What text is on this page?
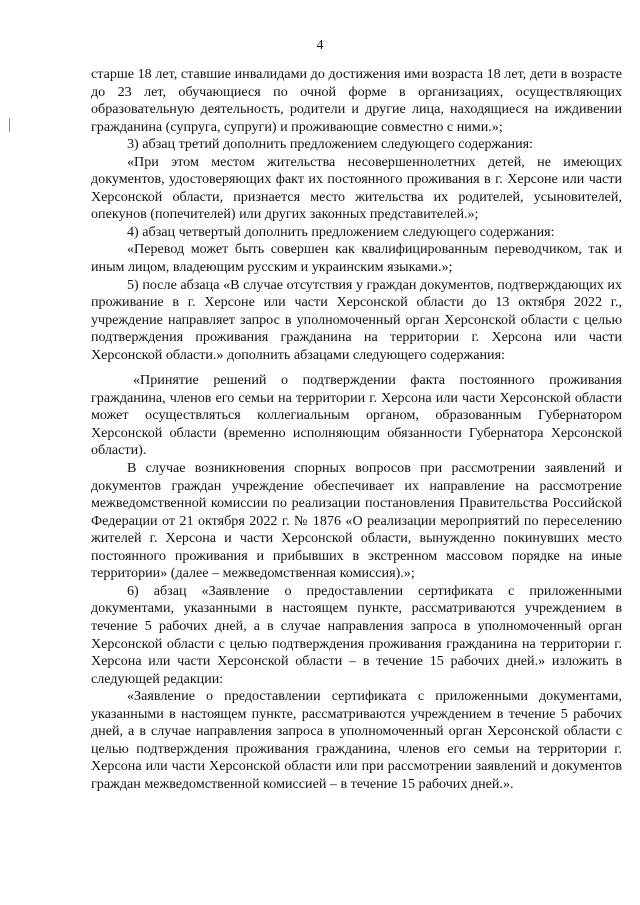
4

старше 18 лет, ставшие инвалидами до достижения ими возраста 18 лет, дети в возрасте до 23 лет, обучающиеся по очной форме в организациях, осуществляющих образовательную деятельность, родители и другие лица, находящиеся на иждивении гражданина (супруга, супруги) и проживающие совместно с ними.»;

3) абзац третий дополнить предложением следующего содержания:

«При этом местом жительства несовершеннолетних детей, не имеющих документов, удостоверяющих факт их постоянного проживания в г. Херсоне или части Херсонской области, признается место жительства их родителей, усыновителей, опекунов (попечителей) или других законных представителей.»;

4) абзац четвертый дополнить предложением следующего содержания:

«Перевод может быть совершен как квалифицированным переводчиком, так и иным лицом, владеющим русским и украинским языками.»;

5) после абзаца «В случае отсутствия у граждан документов, подтверждающих их проживание в г. Херсоне или части Херсонской области до 13 октября 2022 г., учреждение направляет запрос в уполномоченный орган Херсонской области с целью подтверждения проживания гражданина на территории г. Херсона или части Херсонской области.» дополнить абзацами следующего содержания:

«Принятие решений о подтверждении факта постоянного проживания гражданина, членов его семьи на территории г. Херсона или части Херсонской области может осуществляться коллегиальным органом, образованным Губернатором Херсонской области (временно исполняющим обязанности Губернатора Херсонской области).

В случае возникновения спорных вопросов при рассмотрении заявлений и документов граждан учреждение обеспечивает их направление на рассмотрение межведомственной комиссии по реализации постановления Правительства Российской Федерации от 21 октября 2022 г. № 1876 «О реализации мероприятий по переселению жителей г. Херсона и части Херсонской области, вынужденно покинувших место постоянного проживания и прибывших в экстренном массовом порядке на иные территории» (далее – межведомственная комиссия).»;

6) абзац «Заявление о предоставлении сертификата с приложенными документами, указанными в настоящем пункте, рассматриваются учреждением в течение 5 рабочих дней, а в случае направления запроса в уполномоченный орган Херсонской области с целью подтверждения проживания гражданина на территории г. Херсона или части Херсонской области – в течение 15 рабочих дней.» изложить в следующей редакции:

«Заявление о предоставлении сертификата с приложенными документами, указанными в настоящем пункте, рассматриваются учреждением в течение 5 рабочих дней, а в случае направления запроса в уполномоченный орган Херсонской области с целью подтверждения проживания гражданина, членов его семьи на территории г. Херсона или части Херсонской области или при рассмотрении заявлений и документов граждан межведомственной комиссией – в течение 15 рабочих дней.».
